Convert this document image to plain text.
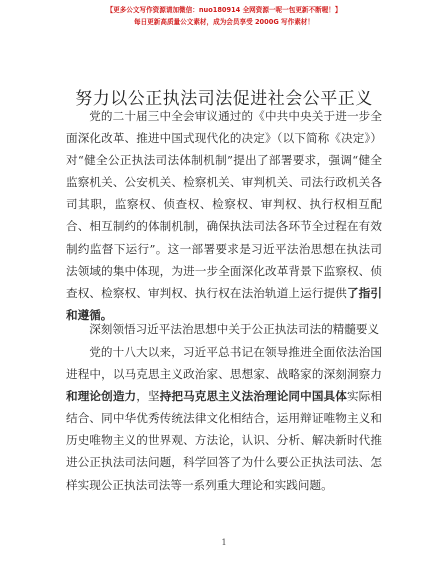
【更多公文写作资源请加微信：nuo180914 全网资源一呢一包更新不断喔！】
每日更新高质量公文素材，成为会员享受 2000G 写作素材！
努力以公正执法司法促进社会公平正义

党的二十届三中全会审议通过的《中共中央关于进一步全面深化改革、推进中国式现代化的决定》（以下简称《决定》）对“健全公正执法司法体制机制”提出了部署要求，强调“健全监察机关、公安机关、检察机关、审判机关、司法行政机关各司其职，监察权、侦查权、检察权、审判权、执行权相互配合、相互制约的体制机制，确保执法司法各环节全过程在有效制约监督下运行”。这一部署要求是习近平法治思想在执法司法领域的集中体现，为进一步全面深化改革背景下监察权、侦查权、检察权、审判权、执行权在法治轨道上运行提供了指引和遵循。

深刻领悟习近平法治思想中关于公正执法司法的精髓要义

党的十八大以来，习近平总书记在领导推进全面依法治国进程中，以马克思主义政治家、思想家、战略家的深刻洞察力和理论创造力，坚持把马克思主义法治理论同中国具体实际相结合、同中华优秀传统法律文化相结合，运用辩证唯物主义和历史唯物主义的世界观、方法论，认识、分析、解决新时代推进公正执法司法问题，科学回答了为什么要公正执法司法、怎样实现公正执法司法等一系列重大理论和实践问题。

1
